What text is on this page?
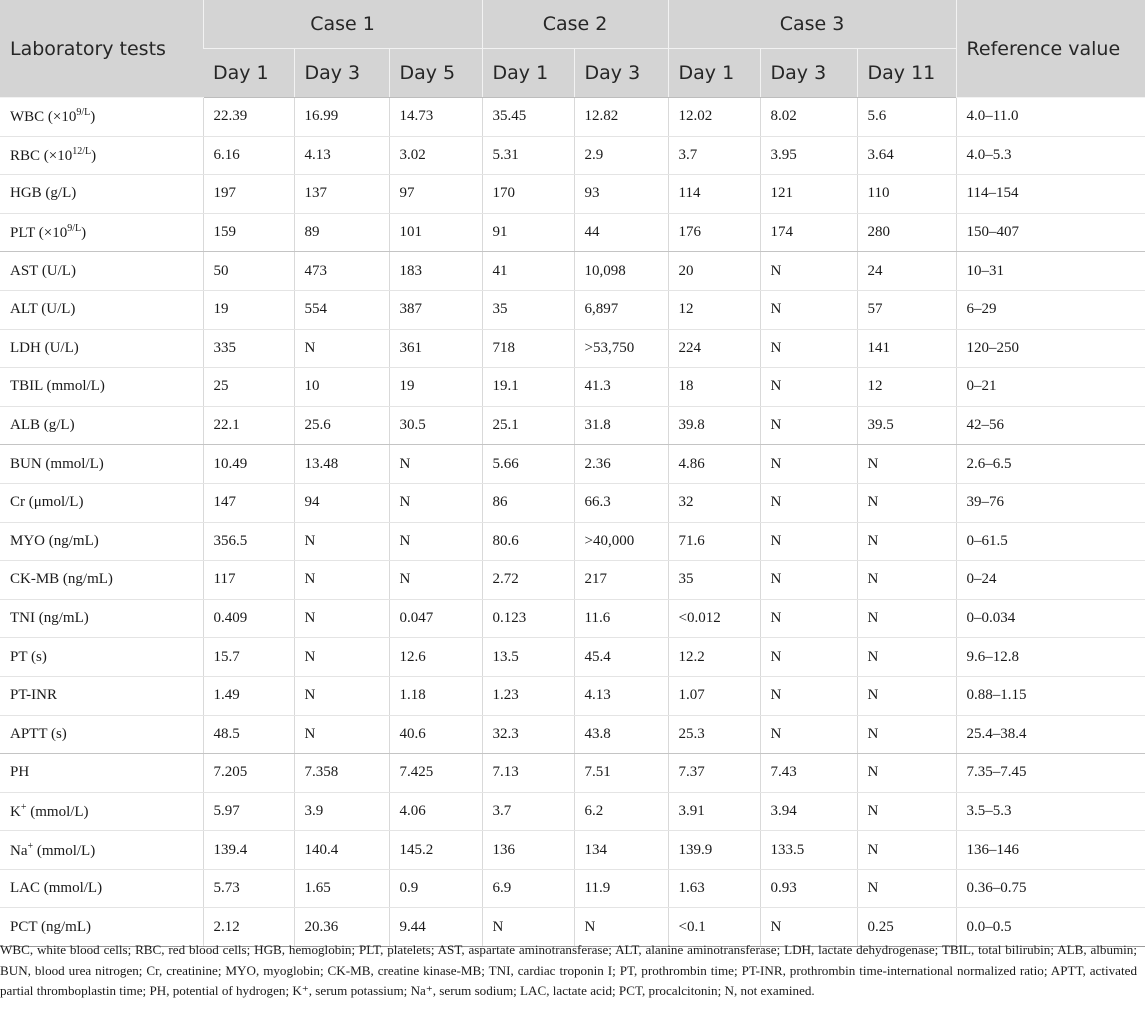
Laboratory tests	Case 1			Case 2		Case 3			Reference value
	Day 1	Day 3	Day 5	Day 1	Day 3	Day 1	Day 3	Day 11	
WBC $(\times 10^{9/L})$	22.39	16.99	14.73	35.45	12.82	12.02	8.02	5.6	4.0–11.0
RBC $(\times 10^{12/L})$	6.16	4.13	3.02	5.31	2.9	3.7	3.95	3.64	4.0–5.3
HGB (g/L)	197	137	97	170	93	114	121	110	114–154
PLT $(\times 10^{9/L})$	159	89	101	91	44	176	174	280	150–407
AST (U/L)	50	473	183	41	10,098	20	N	24	10–31
ALT (U/L)	19	554	387	35	6,897	12	N	57	6–29
LDH (U/L)	335	N	361	718	>53,750	224	N	141	120–250
TBIL (mmol/L)	25	10	19	19.1	41.3	18	N	12	0–21
ALB (g/L)	22.1	25.6	30.5	25.1	31.8	39.8	N	39.5	42–56
BUN (mmol/L)	10.49	13.48	N	5.66	2.36	4.86	N	N	2.6–6.5
Cr (μmol/L)	147	94	N	86	66.3	32	N	N	39–76
MYO (ng/mL)	356.5	N	N	80.6	>40,000	71.6	N	N	0–61.5
CK-MB (ng/mL)	117	N	N	2.72	217	35	N	N	0–24
TNI (ng/mL)	0.409	N	0.047	0.123	11.6	<0.012	N	N	0–0.034
PT (s)	15.7	N	12.6	13.5	45.4	12.2	N	N	9.6–12.8
PT-INR	1.49	N	1.18	1.23	4.13	1.07	N	N	0.88–1.15
APTT (s)	48.5	N	40.6	32.3	43.8	25.3	N	N	25.4–38.4
PH	7.205	7.358	7.425	7.13	7.51	7.37	7.43	N	7.35–7.45
K+ (mmol/L)	5.97	3.9	4.06	3.7	6.2	3.91	3.94	N	3.5–5.3
Na+ (mmol/L)	139.4	140.4	145.2	136	134	139.9	133.5	N	136–146
LAC (mmol/L)	5.73	1.65	0.9	6.9	11.9	1.63	0.93	N	0.36–0.75
PCT (ng/mL)	2.12	20.36	9.44	N	N	<0.1	N	0.25	0.0–0.5

WBC, white blood cells; RBC, red blood cells; HGB, hemoglobin; PLT, platelets; AST, aspartate aminotransferase; ALT, alanine aminotransferase; LDH, lactate dehydrogenase; TBIL, total bilirubin; ALB, albumin; BUN, blood urea nitrogen; Cr, creatinine; MYO, myoglobin; CK-MB, creatine kinase-MB; TNI, cardiac troponin I; PT, prothrombin time; PT-INR, prothrombin time-international normalized ratio; APTT, activated partial thromboplastin time; PH, potential of hydrogen; K⁺, serum potassium; Na⁺, serum sodium; LAC, lactate acid; PCT, procalcitonin; N, not examined.
